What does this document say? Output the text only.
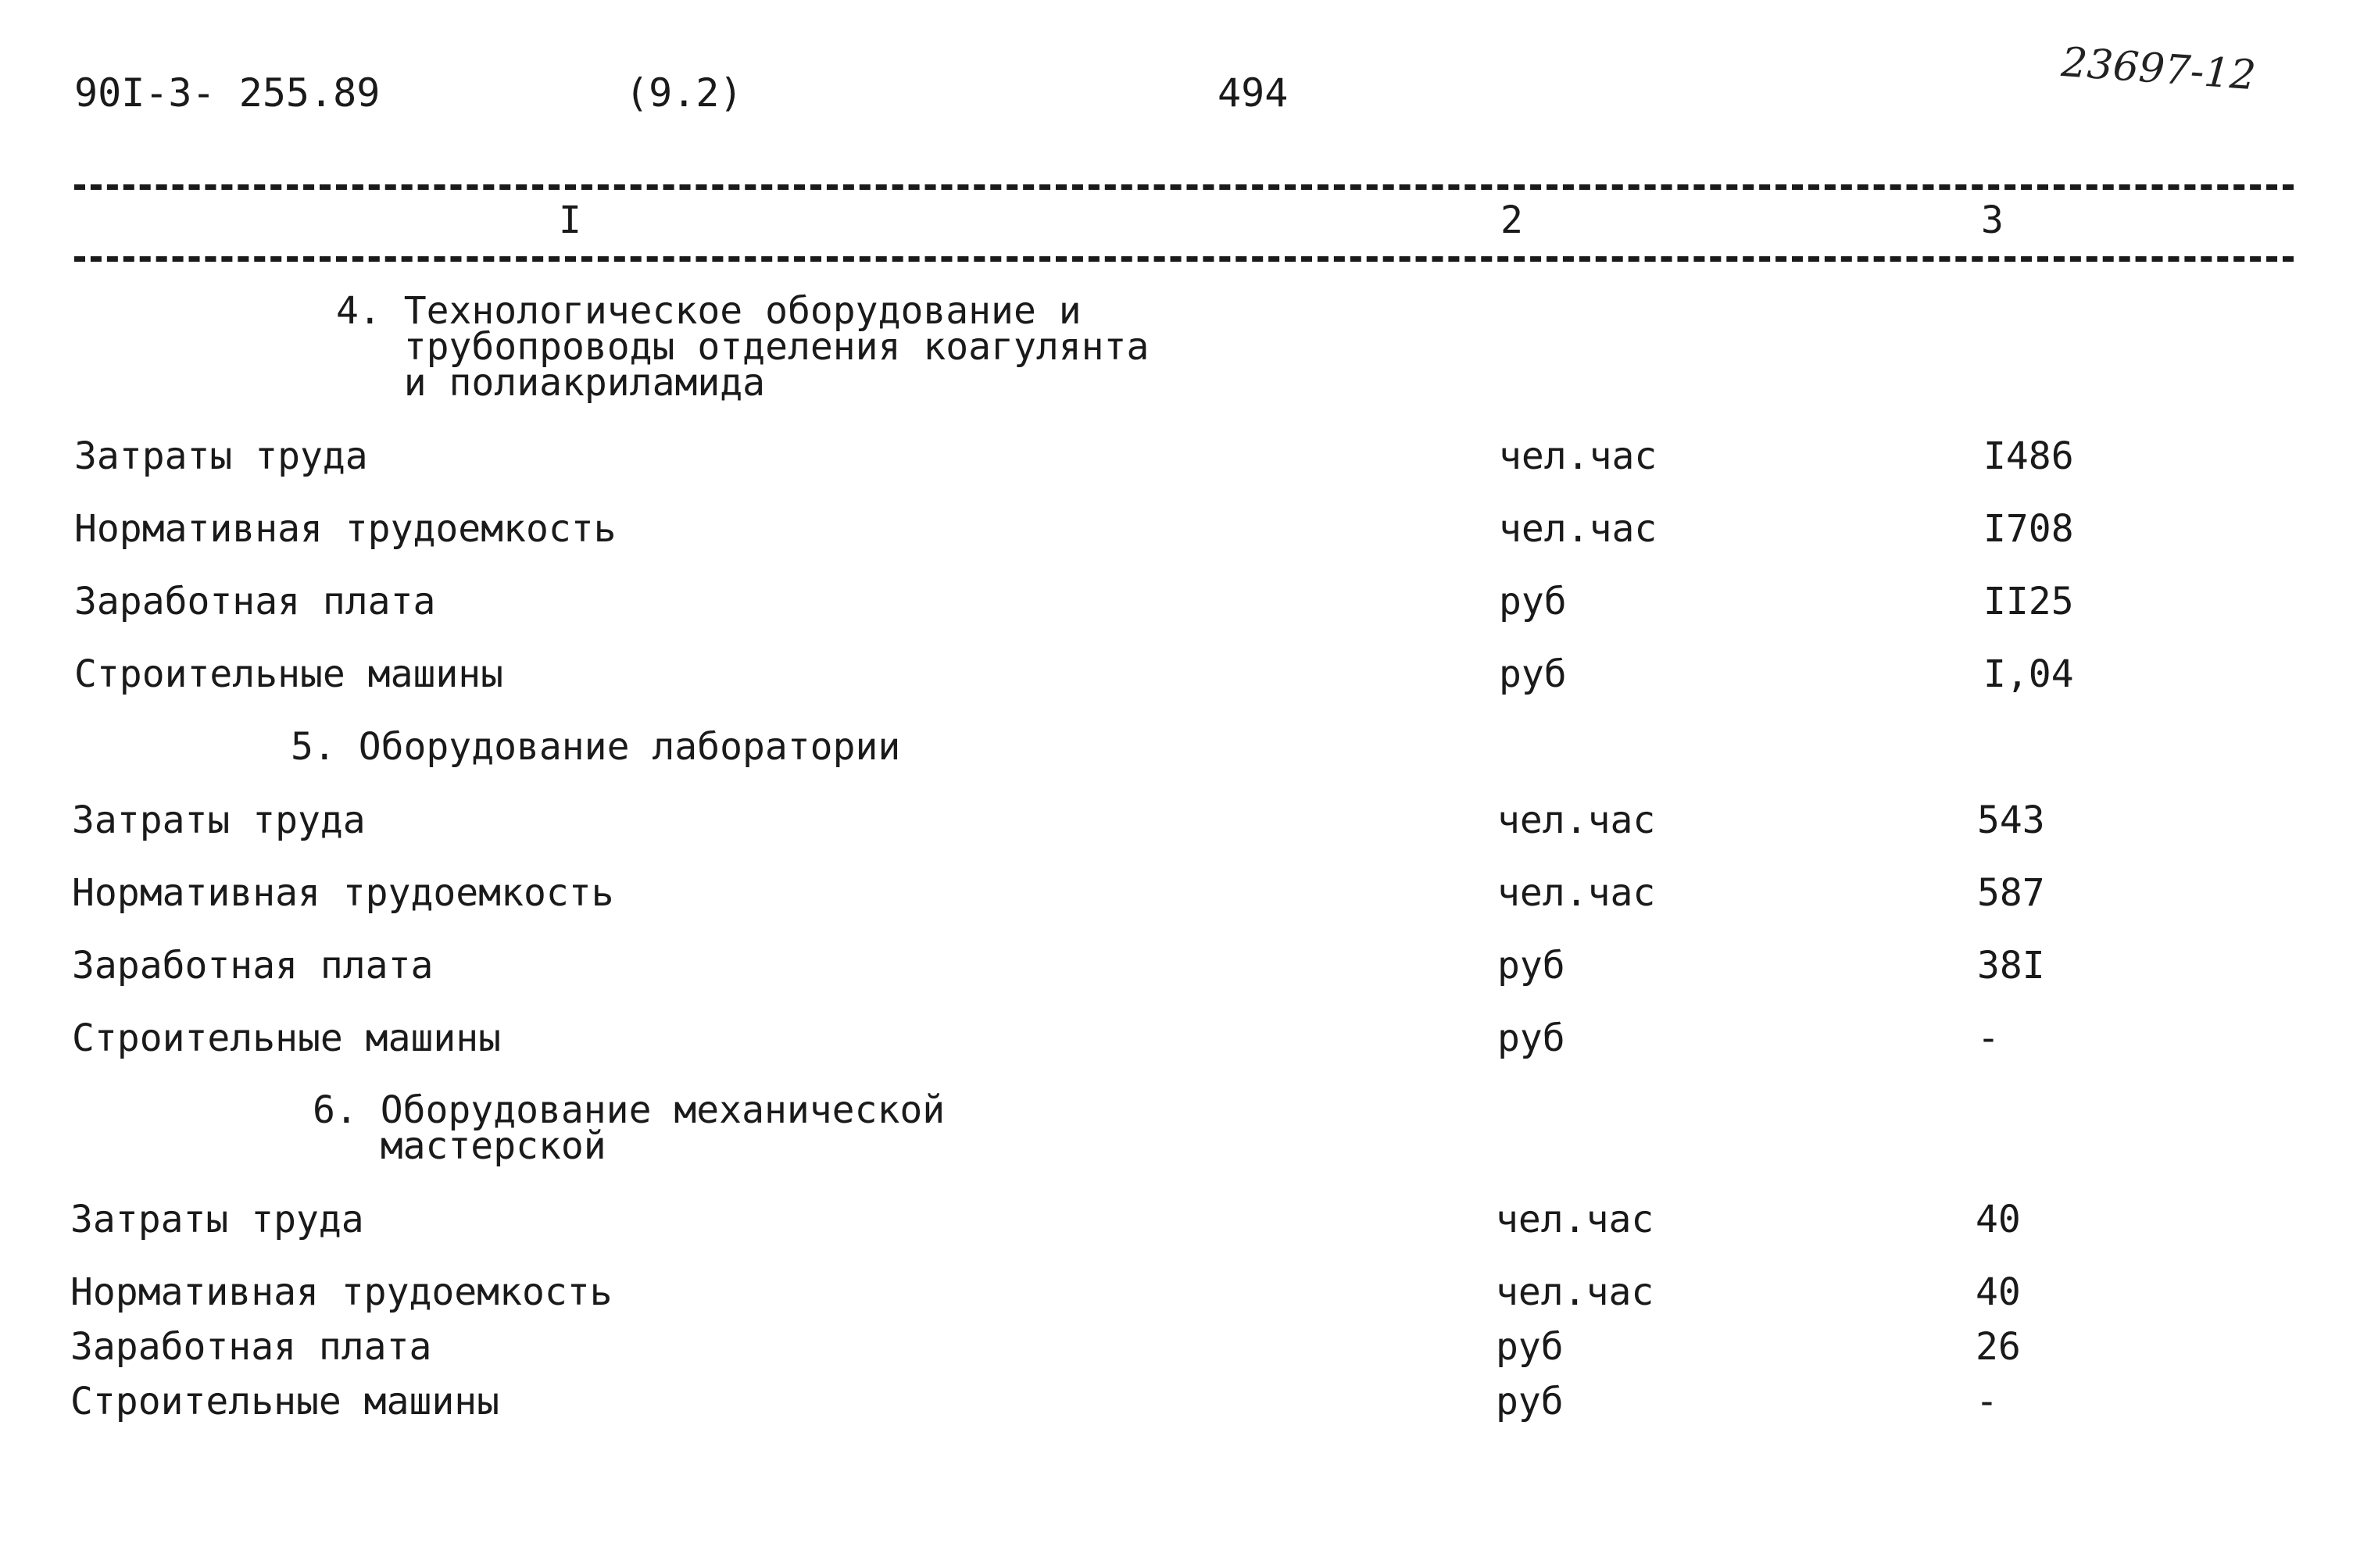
90I-3- 255.89	(9.2)	494	23697-12
I	2	3
4. Технологическое оборудование и
трубопроводы отделения коагулянта
и полиакриламида
Затраты труда	чел.час	I486
Нормативная трудоемкость	чел.час	I708
Заработная плата	руб	II25
Строительные машины	руб	I,04
5. Оборудование лаборатории
Затраты труда	чел.час	543
Нормативная трудоемкость	чел.час	587
Заработная плата	руб	38I
Строительные машины	руб	-
6. Оборудование механической
мастерской
Затраты труда	чел.час	40
Нормативная трудоемкость	чел.час	40
Заработная плата	руб	26
Строительные машины	руб	-
